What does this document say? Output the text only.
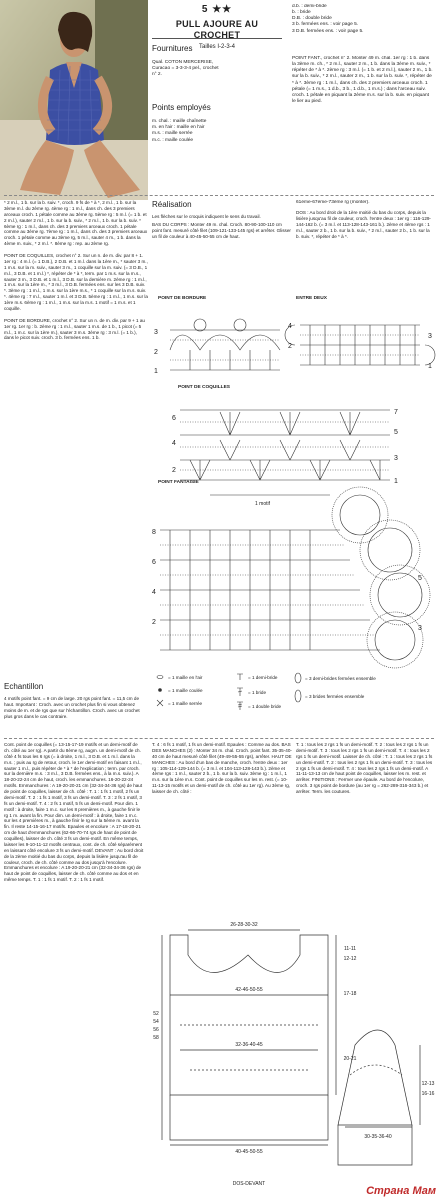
5 ★★
PULL AJOURE AU CROCHET
Tailles I-2-3-4
Fournitures

Qual. COTON MERCERISE, Curacao = 3-3-3-4 pel., crochet n° 2.

Points employés
m. chal. : maille chaînette
m. en l'air : maille en l'air
m.s. : maille serrée
m.c. : maille coulée
d.b. : demi-bride
b. : bride
D.B. : double bride
3 b. fermées ens. : voir page 5.
3 D.B. fermées ens. : voir page 5.
POINT FANT., crochet n° 2. Monter 49 m. chal. 1er rg : 1 b. dans la 3ème m. ch., * 2 m.l., sauter 2 m., 1 b. dans la 3ème m. suiv., * répéter de * à *. 2ème rg : 3 m.l. (= 1 b. et 2 m.l.), sauter 2 m., 1 b. sur la b. suiv., * 2 m.l., sauter 2 m., 1 b. sur la b. suiv. *, répéter de * à *. 3ème rg : 1 m.l., dans ch. des 2 premiers arceaux croch. 1 pétale (= 1 m.s., 1 d.b., 3 b., 1 d.b., 1 m.s.) ; dans l'arceau suiv. croch. 1 pétale en piquant la 2ème m.s. sur la b. suiv. en piquant le lier au pied.

* 2 m.l., 1 b. sur la b. suiv. *, croch. 9 fs de * à *, 2 m.l., 1 b. sur la 3ème m.l. du 2ème rg. 4ème rg : 1 m.l., dans ch. des 3 premiers arceaux croch. 1 pétale comme au 3ème rg. 5ème rg : 5 m.l. (= 1 b. et 2 m.l.), sauter 2 m.l., 1 b. sur la b. suiv., * 2 m.l., 1 b. sur la b. suiv. * 6ème rg : 1 m.l., dans ch. des 3 premiers arceaux croch. 1 pétale comme au 3ème rg. 7ème rg : 1 m.l., dans ch. des 3 premiers arceaux croch. 1 pétale comme au 3ème rg, 5 m.l., sauter 4 m., 1 b. dans la 4ème m. suiv., * 2 m.l. *. 8ème rg : rep. au 2ème rg.

POINT DE COQUILLES, crochet n° 2. Sur un n. de m. div. par 8 + 1. 1er rg : 4 m.l. (= 1 D.B.), 2 D.B. et 1 m.l. dans la 1ère m., * sauter 3 m., 1 m.s. sur la m. suiv., sauter 3 m., 1 coquille sur la m. suiv. (= 3 D.B., 1 m.l., 3 D.B. et 1 m.l.) *, répéter de * à *, term. par 1 m.s. sur la m.s., sauter 3 m., 3 D.B. et 1 m.l., 3 D.B. sur la dernière m. 2ème rg : 1 m.l., 1 m.s. sur la 1ère m., * 3 m.l., 3 D.B. fermées ens. sur les 3 D.B. suiv. *. 3ème rg : 1 m.l., 1 m.s. sur la 1ère m.s., * 1 coquille sur la m.s. suiv. *. 4ème rg : 7 m.l., sauter 1 m.l. et 3 D.B. 5ème rg : 1 m.l., 1 m.s. sur la 1ère m.s. 6ème rg : 1 m.l., 1 m.s. sur la m.s. 1 motif = 1 m.s. et 1 coquille.

POINT DE BORDURE, crochet n° 2. Sur un n. de m. div. par 9 + 1 au 1er rg. 1er rg : b. 2ème rg : 1 m.l., sauter 1 m.s. de 1 b., 1 picot (= 5 m.l., 1 m.c. sur la 1ère m.), sauter 3 m.s. 3ème rg : 3 m.l. (= 1 b.), dans le picot suiv. croch. 3 b. fermées ens. 1 b.

Echantillon

4 motifs point fant. = 9 cm de large. 20 rgs point fant. = 11,5 cm de haut. Important : Croch. avec un crochet plus fin si vous obtenez moins de m. et de rgs que sur l'échantillon. Croch. avec un crochet plus gros dans le cas contraire.

Réalisation

Les flèches sur le croquis indiquent le sens du travail.

BAS DU CORPS : Monter 49 m. chal. Croch. 80-90-100-110 cm point fant. mesuré côté filet (109-121-133-145 rgs) et arrêter. Glisser un fil de couleur à 40-45-50-55 cm de haut.

61ème-67ème-73ème rg (monter).
DOS : Au bord droit de la 1ère moitié du bas du corps, depuis la lisière jusqu'au fil de couleur, croch. l'entre deux : 1er rg : 116-129-144-162 b. (= 3 m.l. et 113-128-143-161 b.). 2ème et 4ème rgs : 1 m.l., sauter 2 b., 1 b. sur la b. suiv., * 2 m.l., sauter 2 b., 1 b. sur la b. suiv. *, répéter de * à *.
POINT DE BORDURE	ENTRE DEUX
POINT DE COQUILLES
POINT FANTAISIE
3
2
1
4
3
2
1
7
6
5
4
3
2
1
8
6
4
2
5
3
1 motif
= 1 maille en l'air
= 1 maille coulée
= 1 maille serrée
= 1 demi-bride
= 1 bride
= 1 double bride
= 3 demi-brides fermées ensemble
= 3 brides fermées ensemble
Cont. point de coquilles (= 13-15-17-19 motifs et un demi-motif de ch. côté au 1er rg). A partir du 8ème rg, augm. un demi-motif de ch. côté 4 fs tous les 6 rgs (= à droite, 1 m.l., 3 D.B. et 1 m.l. dans la m.s. ; puis au rg de retour, croch. le 1er demi-motif en faisant 1 m.l., sauter 1 m.l., puis répéter de * à * de l'explication ; term. par croch. sur la dernière m.s. : 3 m.l., 3 D.B. fermées ens., à la m.s. suiv.). A 18-20-22-24 cm de haut, croch. les emmanchures. 16-20-22-24 motifs. Emmanchures : A 19-20-20-21 cm (32-34-34-36 rgs) de haut de point de coquilles, laisser de ch. côté : T. 1 : 1 fs 1 motif, 2 fs un demi-motif. T. 2 : 1 fs 1 motif, 3 fs un demi-motif. T. 3 : 2 fs 1 motif, 3 fs un demi-motif. T. 4 : 2 fs 1 motif, 5 fs un demi-motif. Pour dim. 1 motif : à droite, faire 1 m.c. sur les 8 premières m., à gauche finir le rg 1 m. avant la fin. Pour dim. un demi-motif : à droite, faire 1 m.c. sur les 4 premières m., à gauche finir le rg sur la 5ème m. avant la fin. Il reste 14-15-16-17 motifs. Epaules et encolure : A 17-18-20-21 cm de haut d'emmanchures (62-66-70-74 rgs de haut de point de coquilles), laisser de ch. côté 3 fs un demi-motif. En même temps, laisser les 9-10-11-12 motifs centraux, cont. de ch. côté séparément en laissant côté encolure 3 fs un demi-motif. DEVANT : Au bord droit de la 2ème moitié du bas du corps, depuis la lisière jusqu'au fil de couleur, croch. de ch. côté comme au dos jusqu'à l'encolure. Emmanchures et encolure : A 19-20-20-21 cm (32-34-34-36 rgs) de haut de point de coquilles, laisser de ch. côté comme au dos et en même temps. T. 1 : 1 fs 1 motif. T. 2 : 1 fs 1 motif.
T. 4 : 6 fs 1 motif, 1 fs un demi-motif. Epaules : Comme au dos. BAS DES MANCHES (2) : Monter 34 m. chal. Croch. point fant. 35-35-40-40 cm de haut mesuré côté filet (49-49-55-55 rgs), arrêter. HAUT DE MANCHES : Au bord d'un bas de manche, croch. l'entre deux : 1er rg : 105-114-129-144 b. (= 3 m.l. et 104-113-128-143 b.). 2ème et 4ème rgs : 1 m.l., sauter 2 b., 1 b. sur la b. suiv. 3ème rg : 1 m.l., 1 m.s. sur la 1ère m.s. Cont. point de coquilles sur les m. rest. (= 10-11-13-15 motifs et un demi-motif de ch. côté au 1er rg). Au 3ème rg, laisser de ch. côté :
T. 1 : tous les 2 rgs 1 fs un demi-motif. T. 2 : tous les 2 rgs 1 fs un demi-motif. T. 3 : tous les 2 rgs 1 fs un demi-motif. T. 4 : tous les 2 rgs 1 fs un demi-motif. Laisser de ch. côté : T. 1 : tous les 2 rgs 1 fs un demi-motif. T. 2 : tous les 2 rgs 1 fs un demi-motif. T. 3 : tous les 2 rgs 1 fs un demi-motif. T. 4 : tous les 2 rgs 1 fs un demi-motif. A 11-11-13-13 cm de haut point de coquilles, laisser les m. rest. et arrêter. FINITIONS : Fermer une épaule. Au bord de l'encolure, croch. 3 rgs point de bordure (au 1er rg = 262-289-316-343 b.) et arrêter. Term. les coutures.
26-28-30-32
42-46-50-55
32-36-40-45
40-45-50-55
DOS-DEVANT
30-35-36-40
52
54
56
58
11-11
12-12
17-18
20-21
12-13
16-16
Страна Мам
